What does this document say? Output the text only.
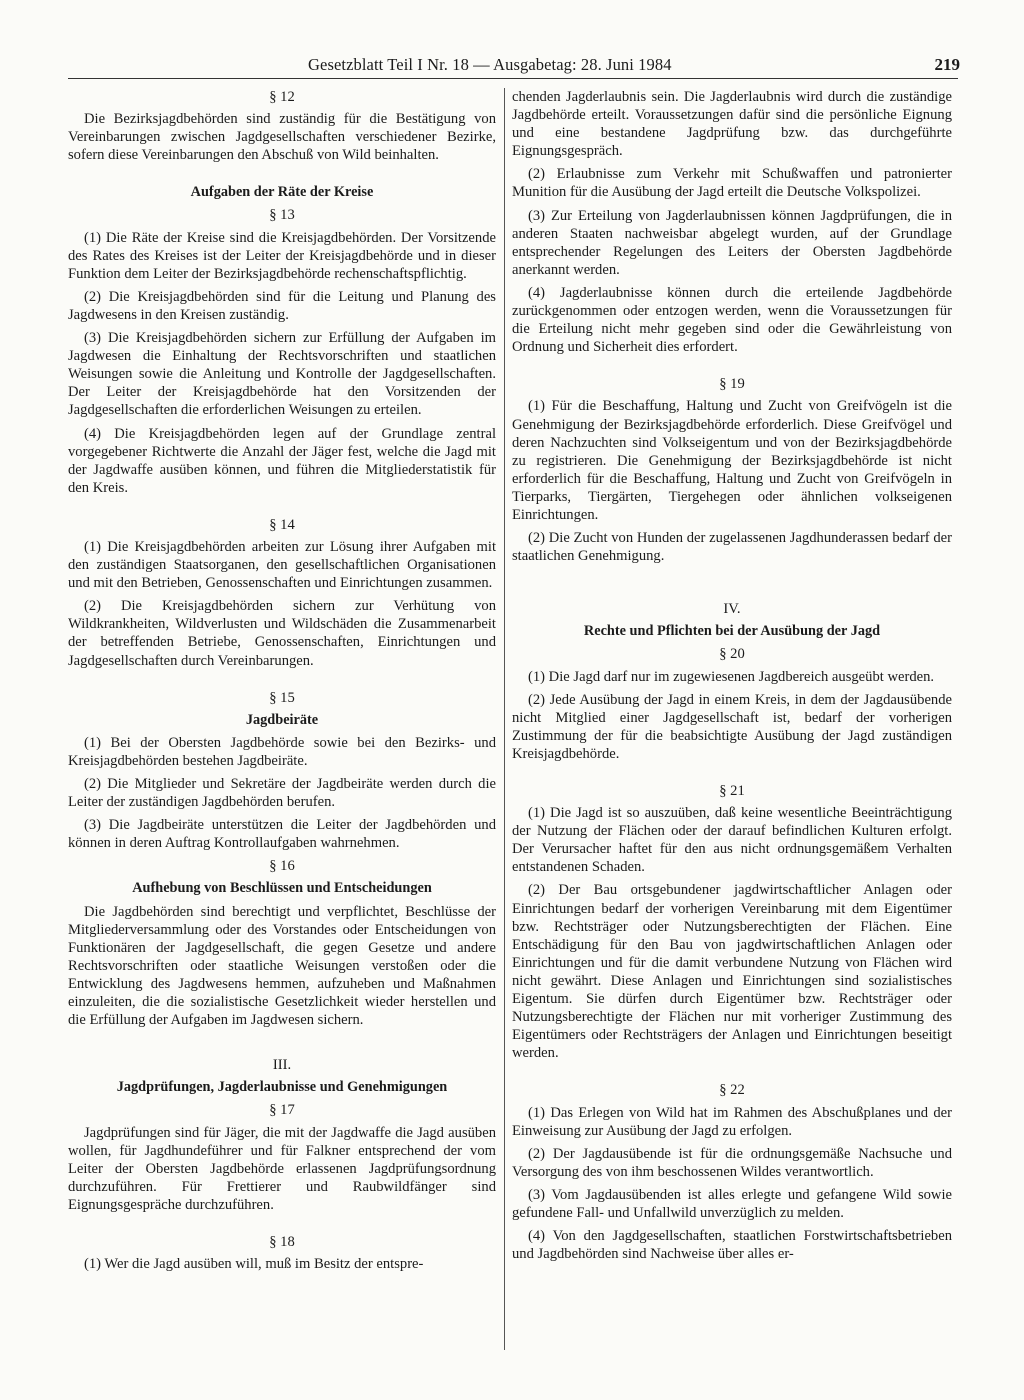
Gesetzblatt Teil I Nr. 18 — Ausgabetag: 28. Juni 1984	219
§ 12

Die Bezirksjagdbehörden sind zuständig für die Bestätigung von Vereinbarungen zwischen Jagdgesellschaften verschiedener Bezirke, sofern diese Vereinbarungen den Abschuß von Wild beinhalten.

Aufgaben der Räte der Kreise
§ 13

(1) Die Räte der Kreise sind die Kreisjagdbehörden. Der Vorsitzende des Rates des Kreises ist der Leiter der Kreisjagdbehörde und in dieser Funktion dem Leiter der Bezirksjagdbehörde rechenschaftspflichtig.

(2) Die Kreisjagdbehörden sind für die Leitung und Planung des Jagdwesens in den Kreisen zuständig.

(3) Die Kreisjagdbehörden sichern zur Erfüllung der Aufgaben im Jagdwesen die Einhaltung der Rechtsvorschriften und staatlichen Weisungen sowie die Anleitung und Kontrolle der Jagdgesellschaften. Der Leiter der Kreisjagdbehörde hat den Vorsitzenden der Jagdgesellschaften die erforderlichen Weisungen zu erteilen.

(4) Die Kreisjagdbehörden legen auf der Grundlage zentral vorgegebener Richtwerte die Anzahl der Jäger fest, welche die Jagd mit der Jagdwaffe ausüben können, und führen die Mitgliederstatistik für den Kreis.

§ 14

(1) Die Kreisjagdbehörden arbeiten zur Lösung ihrer Aufgaben mit den zuständigen Staatsorganen, den gesellschaftlichen Organisationen und mit den Betrieben, Genossenschaften und Einrichtungen zusammen.

(2) Die Kreisjagdbehörden sichern zur Verhütung von Wildkrankheiten, Wildverlusten und Wildschäden die Zusammenarbeit der betreffenden Betriebe, Genossenschaften, Einrichtungen und Jagdgesellschaften durch Vereinbarungen.

§ 15
Jagdbeiräte

(1) Bei der Obersten Jagdbehörde sowie bei den Bezirks- und Kreisjagdbehörden bestehen Jagdbeiräte.

(2) Die Mitglieder und Sekretäre der Jagdbeiräte werden durch die Leiter der zuständigen Jagdbehörden berufen.

(3) Die Jagdbeiräte unterstützen die Leiter der Jagdbehörden und können in deren Auftrag Kontrollaufgaben wahrnehmen.

§ 16
Aufhebung von Beschlüssen und Entscheidungen

Die Jagdbehörden sind berechtigt und verpflichtet, Beschlüsse der Mitgliederversammlung oder des Vorstandes oder Entscheidungen von Funktionären der Jagdgesellschaft, die gegen Gesetze und andere Rechtsvorschriften oder staatliche Weisungen verstoßen oder die Entwicklung des Jagdwesens hemmen, aufzuheben und Maßnahmen einzuleiten, die die sozialistische Gesetzlichkeit wieder herstellen und die Erfüllung der Aufgaben im Jagdwesen sichern.

III.
Jagdprüfungen, Jagderlaubnisse und Genehmigungen
§ 17

Jagdprüfungen sind für Jäger, die mit der Jagdwaffe die Jagd ausüben wollen, für Jagdhundeführer und für Falkner entsprechend der vom Leiter der Obersten Jagdbehörde erlassenen Jagdprüfungsordnung durchzuführen. Für Frettierer und Raubwildfänger sind Eignungsgespräche durchzuführen.

§ 18

(1) Wer die Jagd ausüben will, muß im Besitz der entspre-

chenden Jagderlaubnis sein. Die Jagderlaubnis wird durch die zuständige Jagdbehörde erteilt. Voraussetzungen dafür sind die persönliche Eignung und eine bestandene Jagdprüfung bzw. das durchgeführte Eignungsgespräch.

(2) Erlaubnisse zum Verkehr mit Schußwaffen und patronierter Munition für die Ausübung der Jagd erteilt die Deutsche Volkspolizei.

(3) Zur Erteilung von Jagderlaubnissen können Jagdprüfungen, die in anderen Staaten nachweisbar abgelegt wurden, auf der Grundlage entsprechender Regelungen des Leiters der Obersten Jagdbehörde anerkannt werden.

(4) Jagderlaubnisse können durch die erteilende Jagdbehörde zurückgenommen oder entzogen werden, wenn die Voraussetzungen für die Erteilung nicht mehr gegeben sind oder die Gewährleistung von Ordnung und Sicherheit dies erfordert.

§ 19

(1) Für die Beschaffung, Haltung und Zucht von Greifvögeln ist die Genehmigung der Bezirksjagdbehörde erforderlich. Diese Greifvögel und deren Nachzuchten sind Volkseigentum und von der Bezirksjagdbehörde zu registrieren. Die Genehmigung der Bezirksjagdbehörde ist nicht erforderlich für die Beschaffung, Haltung und Zucht von Greifvögeln in Tierparks, Tiergärten, Tiergehegen oder ähnlichen volkseigenen Einrichtungen.

(2) Die Zucht von Hunden der zugelassenen Jagdhunderassen bedarf der staatlichen Genehmigung.

IV.
Rechte und Pflichten bei der Ausübung der Jagd
§ 20

(1) Die Jagd darf nur im zugewiesenen Jagdbereich ausgeübt werden.

(2) Jede Ausübung der Jagd in einem Kreis, in dem der Jagdausübende nicht Mitglied einer Jagdgesellschaft ist, bedarf der vorherigen Zustimmung der für die beabsichtigte Ausübung der Jagd zuständigen Kreisjagdbehörde.

§ 21

(1) Die Jagd ist so auszuüben, daß keine wesentliche Beeinträchtigung der Nutzung der Flächen oder der darauf befindlichen Kulturen erfolgt. Der Verursacher haftet für den aus nicht ordnungsgemäßem Verhalten entstandenen Schaden.

(2) Der Bau ortsgebundener jagdwirtschaftlicher Anlagen oder Einrichtungen bedarf der vorherigen Vereinbarung mit dem Eigentümer bzw. Rechtsträger oder Nutzungsberechtigten der Flächen. Eine Entschädigung für den Bau von jagdwirtschaftlichen Anlagen oder Einrichtungen und für die damit verbundene Nutzung von Flächen wird nicht gewährt. Diese Anlagen und Einrichtungen sind sozialistisches Eigentum. Sie dürfen durch Eigentümer bzw. Rechtsträger oder Nutzungsberechtigte der Flächen nur mit vorheriger Zustimmung des Eigentümers oder Rechtsträgers der Anlagen und Einrichtungen beseitigt werden.

§ 22

(1) Das Erlegen von Wild hat im Rahmen des Abschußplanes und der Einweisung zur Ausübung der Jagd zu erfolgen.

(2) Der Jagdausübende ist für die ordnungsgemäße Nachsuche und Versorgung des von ihm beschossenen Wildes verantwortlich.

(3) Vom Jagdausübenden ist alles erlegte und gefangene Wild sowie gefundene Fall- und Unfallwild unverzüglich zu melden.

(4) Von den Jagdgesellschaften, staatlichen Forstwirtschaftsbetrieben und Jagdbehörden sind Nachweise über alles er-
